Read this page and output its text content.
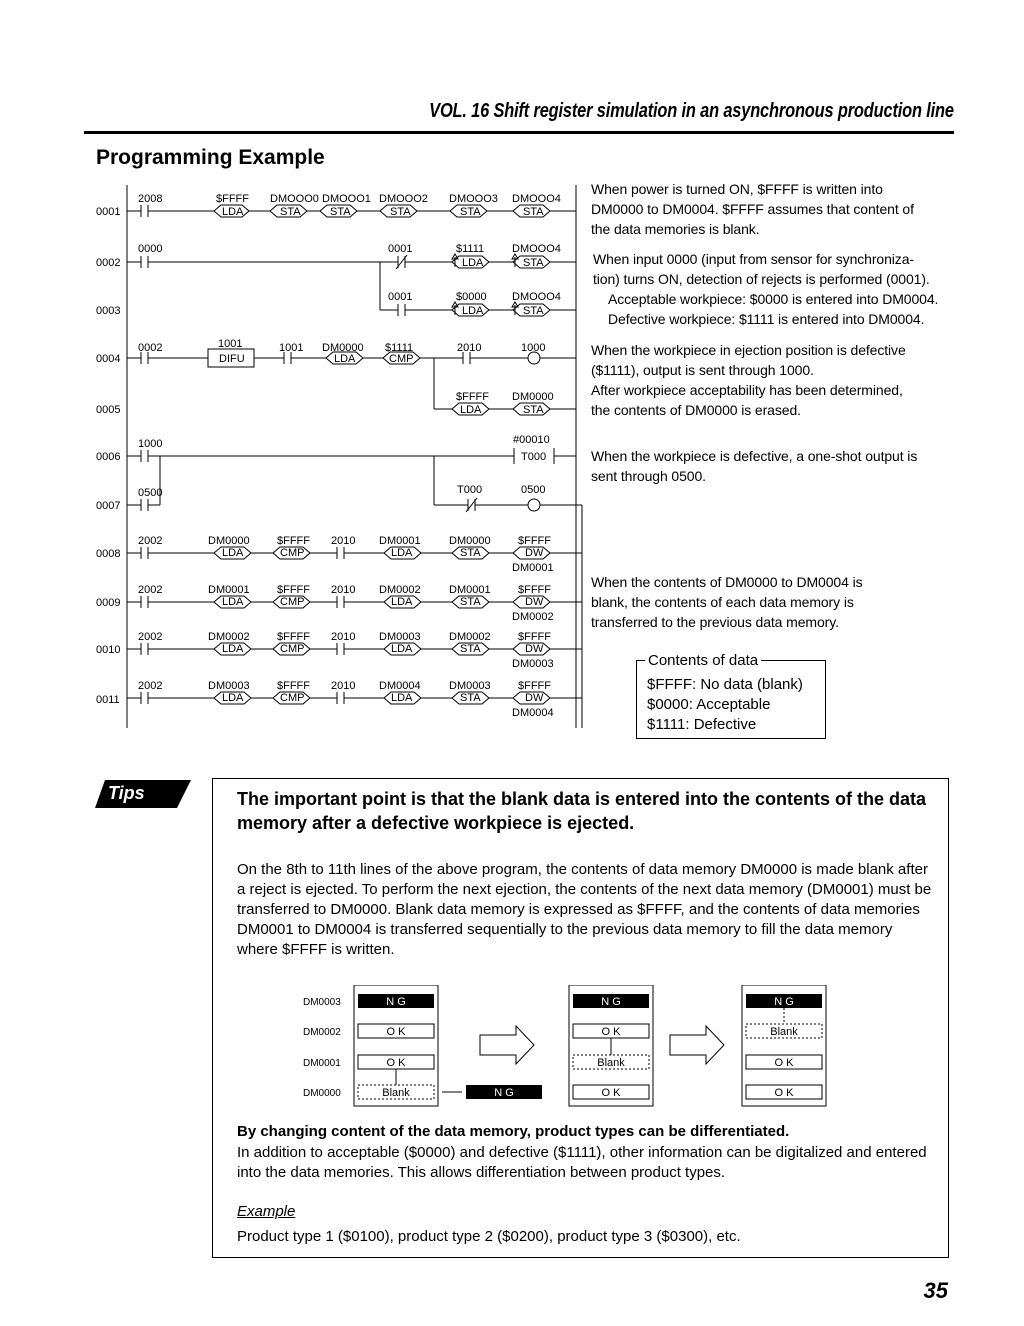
VOL. 16 Shift register simulation in an asynchronous production line
Programming Example
0001
0002
0003
0004
0005
0006
0007
0008
0009
0010
0011
2008	$FFFF
LDA
DMOOO0
STA
DMOOO1
STA
DMOOO2
STA
DMOOO3
STA
DMOOO4
STA
0000	0001	$1111
LDA
DMOOO4
STA
0001	$0000
LDA
DMOOO4
STA
0002	1001
DIFU
1001 DM0000
LDA
$1111
CMP
2010	1000
$FFFF
LDA
DM0000
STA
1000	#00010
T000
0500	T000	0500
2002	DM0000
LDA
$FFFF
CMP
2010 DM0001
LDA
DM0000
STA
$FFFF
DW
DM0001
2002	DM0001
LDA
$FFFF
CMP
2010 DM0002
LDA
DM0001
STA
$FFFF
DW
DM0002
2002	DM0002
LDA
$FFFF
CMP
2010 DM0003
LDA
DM0002
STA
$FFFF
DW
DM0003
2002	DM0003
LDA
$FFFF
CMP
2010 DM0004
LDA
DM0003
STA
$FFFF
DW
DM0004
When power is turned ON, $FFFF is written into
DM0000 to DM0004. $FFFF assumes that content of
the data memories is blank.
When input 0000 (input from sensor for synchroniza-
tion) turns ON, detection of rejects is performed (0001).
Acceptable workpiece: $0000 is entered into DM0004.
Defective workpiece: $1111 is entered into DM0004.
When the workpiece in ejection position is defective
($1111), output is sent through 1000.
After workpiece acceptability has been determined,
the contents of DM0000 is erased.
When the workpiece is defective, a one-shot output is
sent through 0500.
When the contents of DM0000 to DM0004 is
blank, the contents of each data memory is
transferred to the previous data memory.
Contents of data
$FFFF: No data (blank)
$0000: Acceptable
$1111: Defective
Tips	The important point is that the blank data is entered into the contents of the data memory after a defective workpiece is ejected.
On the 8th to 11th lines of the above program, the contents of data memory DM0000 is made blank after a reject is ejected. To perform the next ejection, the contents of the next data memory (DM0001) must be transferred to DM0000. Blank data memory is expressed as $FFFF, and the contents of data memories DM0001 to DM0004 is transferred sequentially to the previous data memory to fill the data memory where $FFFF is written.
DM0003
DM0002
DM0001
DM0000
N G
O K
O K
Blank	N G
N G
O K
Blank
O K
N G
Blank
O K
O K
By changing content of the data memory, product types can be differentiated.
In addition to acceptable ($0000) and defective ($1111), other information can be digitalized and entered into the data memories. This allows differentiation between product types.
Example
Product type 1 ($0100), product type 2 ($0200), product type 3 ($0300), etc.
35
